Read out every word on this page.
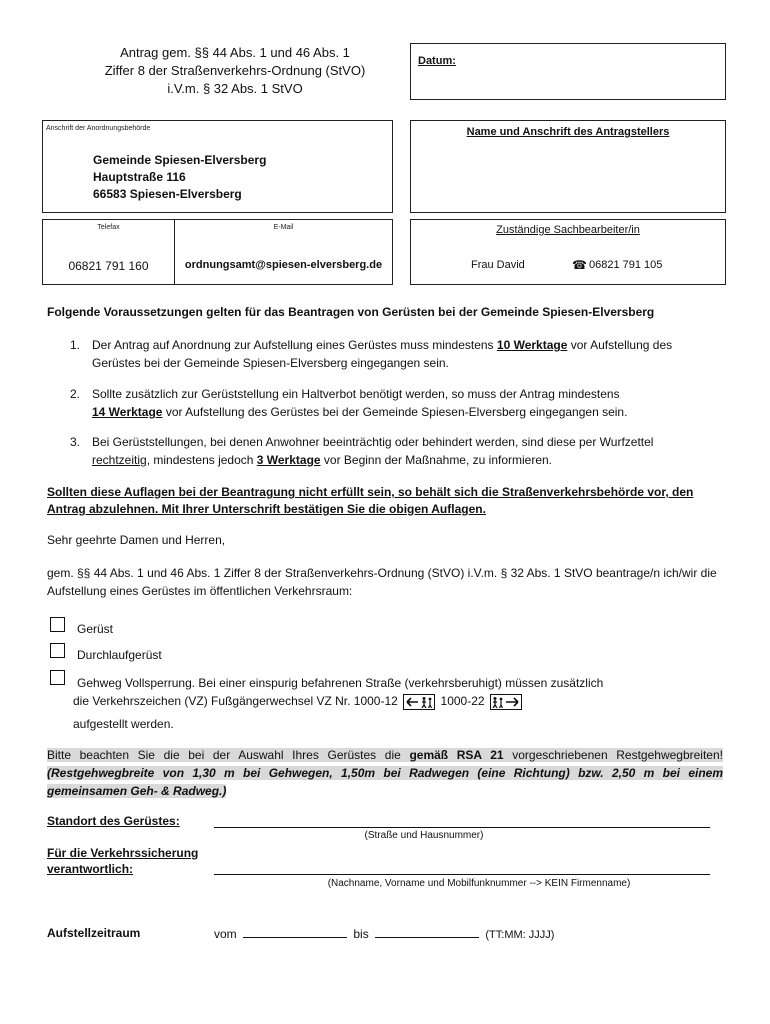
Antrag gem. §§ 44 Abs. 1 und 46 Abs. 1
Ziffer 8 der Straßenverkehrs-Ordnung (StVO)
i.V.m. § 32 Abs. 1 StVO
Datum:
Anschrift der Anordnungsbehörde
Gemeinde Spiesen-Elversberg
Hauptstraße 116
66583 Spiesen-Elversberg
Name und Anschrift des Antragstellers
Telefax
06821 791 160
E-Mail
ordnungsamt@spiesen-elversberg.de
Zuständige Sachbearbeiter/in
Frau David	☎ 06821 791 105
Folgende Voraussetzungen gelten für das Beantragen von Gerüsten bei der Gemeinde Spiesen-Elversberg
1. Der Antrag auf Anordnung zur Aufstellung eines Gerüstes muss mindestens 10 Werktage vor Aufstellung des Gerüstes bei der Gemeinde Spiesen-Elversberg eingegangen sein.

2. Sollte zusätzlich zur Gerüststellung ein Haltverbot benötigt werden, so muss der Antrag mindestens
14 Werktage vor Aufstellung des Gerüstes bei der Gemeinde Spiesen-Elversberg eingegangen sein.

3. Bei Gerüststellungen, bei denen Anwohner beeinträchtig oder behindert werden, sind diese per Wurfzettel
rechtzeitig, mindestens jedoch 3 Werktage vor Beginn der Maßnahme, zu informieren.

Sollten diese Auflagen bei der Beantragung nicht erfüllt sein, so behält sich die Straßenverkehrsbehörde vor, den Antrag abzulehnen. Mit Ihrer Unterschrift bestätigen Sie die obigen Auflagen.
Sehr geehrte Damen und Herren,
gem. §§ 44 Abs. 1 und 46 Abs. 1 Ziffer 8 der Straßenverkehrs-Ordnung (StVO) i.V.m. § 32 Abs. 1 StVO beantrage/n ich/wir die Aufstellung eines Gerüstes im öffentlichen Verkehrsraum:
Gerüst
Durchlaufgerüst
Gehweg Vollsperrung. Bei einer einspurig befahrenen Straße (verkehrsberuhigt) müssen zusätzlich
die Verkehrszeichen (VZ) Fußgängerwechsel VZ Nr. 1000-12	1000-22
aufgestellt werden.
Bitte beachten Sie die bei der Auswahl Ihres Gerüstes die gemäß RSA 21 vorgeschriebenen Restgehwegbreiten! (Restgehwegbreite von 1,30 m bei Gehwegen, 1,50m bei Radwegen (eine Richtung) bzw. 2,50 m bei einem gemeinsamen Geh- & Radweg.)
Standort des Gerüstes:
(Straße und Hausnummer)
Für die Verkehrssicherung
verantwortlich:
(Nachname, Vorname und Mobilfunknummer --> KEIN Firmenname)
Aufstellzeitraum	vom	bis	(TT:MM: JJJJ)
